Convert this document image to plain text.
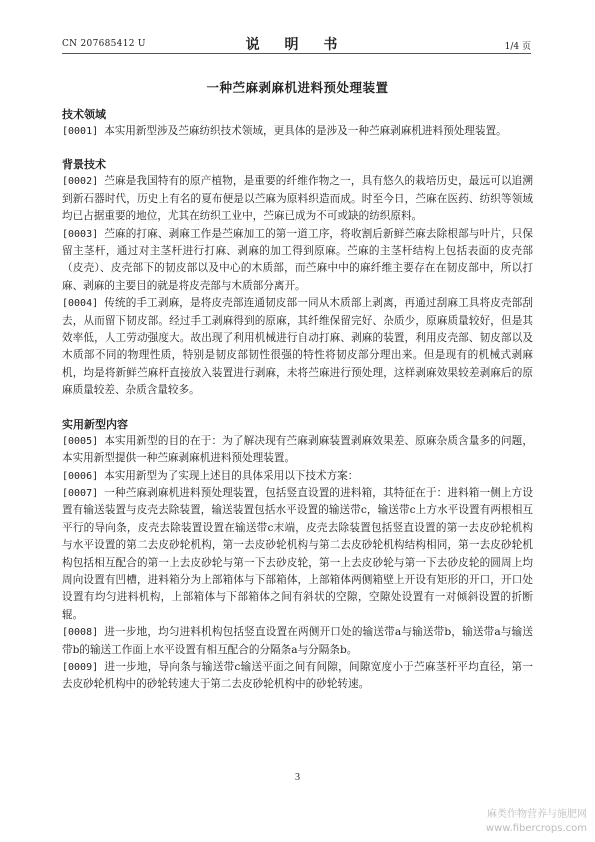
CN 207685412 U	说 明 书	1/4 页
一种苎麻剥麻机进料预处理装置
技术领域

[0001] 本实用新型涉及苎麻纺织技术领域，更具体的是涉及一种苎麻剥麻机进料预处理装置。

背景技术

[0002] 苎麻是我国特有的原产植物，是重要的纤维作物之一，具有悠久的栽培历史，最远可以追溯到新石器时代，历史上有名的夏布便是以苎麻为原料织造而成。时至今日，苎麻在医药、纺织等领域均已占据重要的地位，尤其在纺织工业中，苎麻已成为不可或缺的纺织原料。

[0003] 苎麻的打麻、剥麻工作是苎麻加工的第一道工序，将收割后新鲜苎麻去除根部与叶片，只保留主茎杆，通过对主茎杆进行打麻、剥麻的加工得到原麻。苎麻的主茎杆结构上包括表面的皮壳部（皮壳）、皮壳部下的韧皮部以及中心的木质部，而苎麻中中的麻纤维主要存在在韧皮部中，所以打麻、剥麻的主要目的就是将皮壳部与木质部分离开。

[0004] 传统的手工剥麻，是将皮壳部连通韧皮部一同从木质部上剥离，再通过刮麻工具将皮壳部刮去，从而留下韧皮部。经过手工剥麻得到的原麻，其纤维保留完好、杂质少，原麻质量较好，但是其效率低，人工劳动强度大。故出现了利用机械进行自动打麻、剥麻的装置，利用皮壳部、韧皮部以及木质部不同的物理性质，特别是韧皮部韧性很强的特性将韧皮部分理出来。但是现有的机械式剥麻机，均是将新鲜苎麻杆直接放入装置进行剥麻，未将苎麻进行预处理，这样剥麻效果较差剥麻后的原麻质量较差、杂质含量较多。

实用新型内容

[0005] 本实用新型的目的在于：为了解决现有苎麻剥麻装置剥麻效果差、原麻杂质含量多的问题，本实用新型提供一种苎麻剥麻机进料预处理装置。

[0006] 本实用新型为了实现上述目的具体采用以下技术方案：

[0007] 一种苎麻剥麻机进料预处理装置，包括竖直设置的进料箱，其特征在于：进料箱一侧上方设置有输送装置与皮壳去除装置，输送装置包括水平设置的输送带c，输送带c上方水平设置有两根相互平行的导向条，皮壳去除装置设置在输送带c末端，皮壳去除装置包括竖直设置的第一去皮砂轮机构与水平设置的第二去皮砂轮机构，第一去皮砂轮机构与第二去皮砂轮机构结构相同，第一去皮砂轮机构包括相互配合的第一上去皮砂轮与第一下去砂皮轮，第一上去皮砂轮与第一下去砂皮轮的圆周上均周向设置有凹槽，进料箱分为上部箱体与下部箱体，上部箱体两侧箱壁上开设有矩形的开口，开口处设置有均匀进料机构，上部箱体与下部箱体之间有斜状的空隙，空隙处设置有一对倾斜设置的折断辊。

[0008] 进一步地，均匀进料机构包括竖直设置在两侧开口处的输送带a与输送带b，输送带a与输送带b的输送工作面上水平设置有相互配合的分隔条a与分隔条b。

[0009] 进一步地，导向条与输送带c输送平面之间有间隙，间隙宽度小于苎麻茎杆平均直径，第一去皮砂轮机构中的砂轮转速大于第二去皮砂轮机构中的砂轮转速。

3
麻类作物营养与施肥网
www.fibercrops.com
